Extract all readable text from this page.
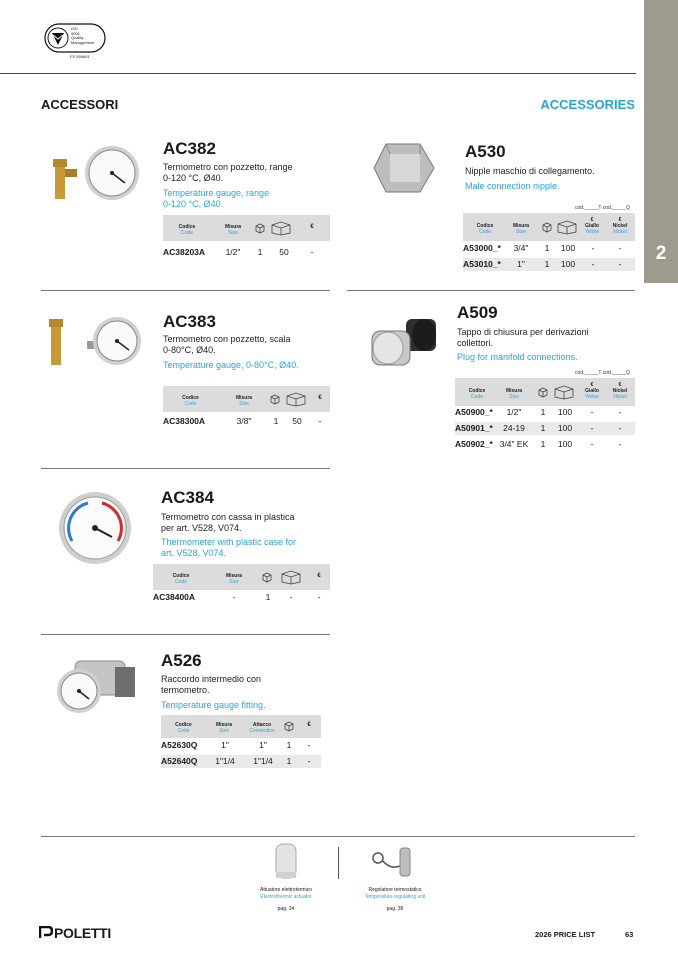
ISO
9001
Quality
Management
FS 559651
2
ACCESSORI	ACCESSORIES
AC382
Termometro con pozzetto, range
0-120 °C, Ø40.
Temperature gauge, range
0-120 °C, Ø40.
Codice
Code
Misura
Size
€
AC38203A	1/2"	1	50	-
AC383
Termometro con pozzetto, scala
0-80°C, Ø40.
Temperature gauge, 0-80°C, Ø40.
Codice
Code
Misura
Size
€
AC38300A	3/8"	1	50	-
AC384
Termometro con cassa in plastica
per art. V528, V074.
Thermometer with plastic case for
art. V528, V074.
Codice
Code
Misura
Size
€
AC38400A	-	1	-	-
A526
Raccordo intermedio con
termometro.
Temperature gauge fitting.
Codice
Code
Misura
Size
Attacco
Connection
€
A52630Q	1"	1"	1	-
A52640Q	1"1/4	1"1/4	1	-
A530
Nipple maschio di collegamento.
Male connection nipple.
cod._____T cod._____Q
Codice
Code
Misura
Size
€
Giallo
Yellow
€
Nickel
Nickel
A53000_*	3/4"	1	100	-	-
A53010_*	1"	1	100	-	-
A509
Tappo di chiusura per derivazioni
collettori.
Plug for manifold connections.
cod._____T cod._____Q
Codice
Code
Misura
Size
€
Giallo
Yellow
€
Nickel
Nickel
A50900_*	1/2"	1	100	-	-
A50901_*	24-19	1	100	-	-
A50902_* 3/4" EK	1	100	-	-
Attuatore elettrotermico
Electrothermic actuator
pag. 34
Regolatore termostatico
Temperature regulating unit
pag. 38
POLETTI	2026 PRICE LIST	63
